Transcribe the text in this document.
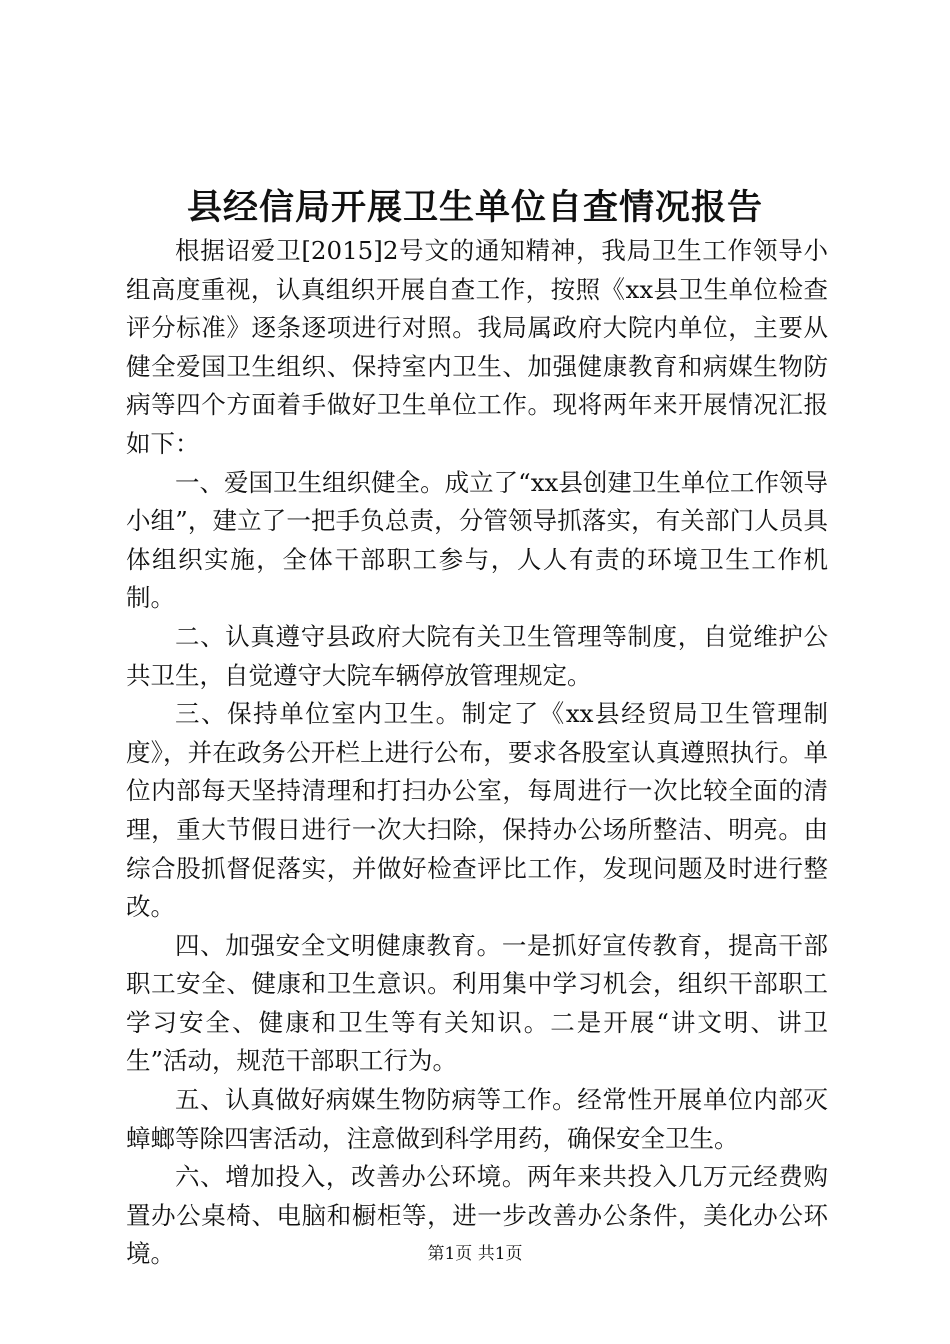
县经信局开展卫生单位自查情况报告

根据诏爱卫[2015]2号文的通知精神，我局卫生工作领导小组高度重视，认真组织开展自查工作，按照《xx县卫生单位检查评分标准》逐条逐项进行对照。我局属政府大院内单位，主要从健全爱国卫生组织、保持室内卫生、加强健康教育和病媒生物防病等四个方面着手做好卫生单位工作。现将两年来开展情况汇报如下：

一、爱国卫生组织健全。成立了“xx县创建卫生单位工作领导小组”，建立了一把手负总责，分管领导抓落实，有关部门人员具体组织实施，全体干部职工参与，人人有责的环境卫生工作机制。

二、认真遵守县政府大院有关卫生管理等制度，自觉维护公共卫生，自觉遵守大院车辆停放管理规定。

三、保持单位室内卫生。制定了《xx县经贸局卫生管理制度》，并在政务公开栏上进行公布，要求各股室认真遵照执行。单位内部每天坚持清理和打扫办公室，每周进行一次比较全面的清理，重大节假日进行一次大扫除，保持办公场所整洁、明亮。由综合股抓督促落实，并做好检查评比工作，发现问题及时进行整改。

四、加强安全文明健康教育。一是抓好宣传教育，提高干部职工安全、健康和卫生意识。利用集中学习机会，组织干部职工学习安全、健康和卫生等有关知识。二是开展“讲文明、讲卫生”活动，规范干部职工行为。

五、认真做好病媒生物防病等工作。经常性开展单位内部灭蟑螂等除四害活动，注意做到科学用药，确保安全卫生。

六、增加投入，改善办公环境。两年来共投入几万元经费购置办公桌椅、电脑和橱柜等，进一步改善办公条件，美化办公环境。	第1页 共1页
